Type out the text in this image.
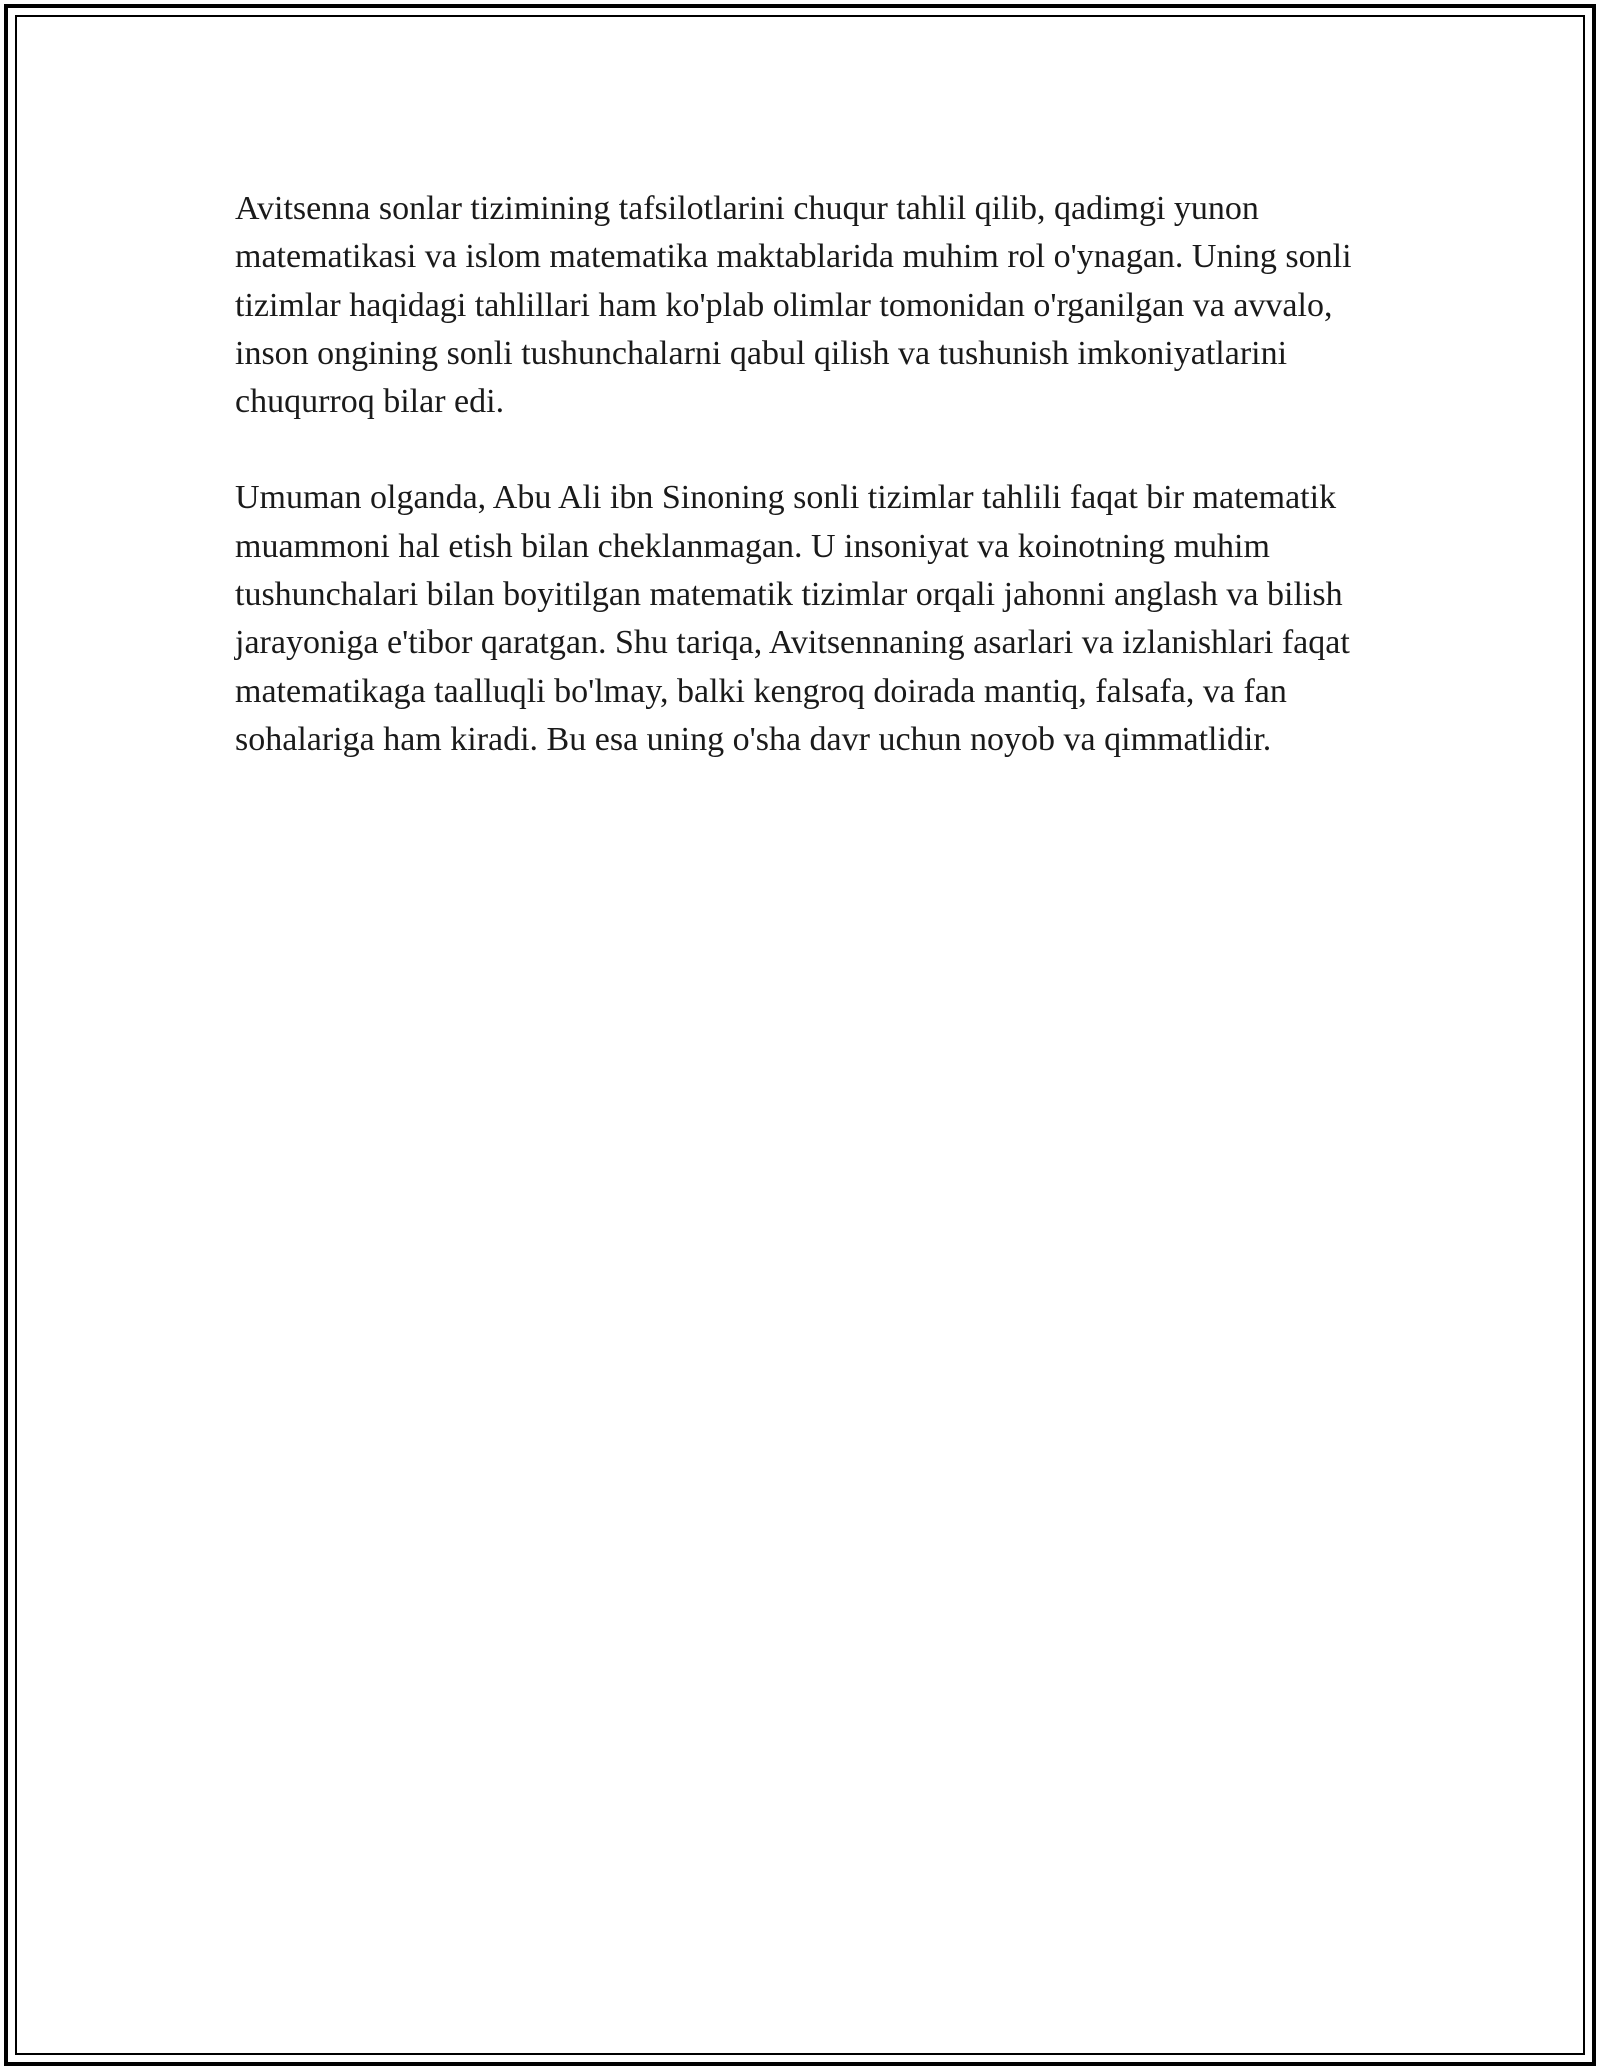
Avitsenna sonlar tizimining tafsilotlarini chuqur tahlil qilib, qadimgi yunon matematikasi va islom matematika maktablarida muhim rol o'ynagan. Uning sonli tizimlar haqidagi tahlillari ham ko'plab olimlar tomonidan o'rganilgan va avvalo, inson ongining sonli tushunchalarni qabul qilish va tushunish imkoniyatlarini chuqurroq bilar edi.

Umuman olganda, Abu Ali ibn Sinoning sonli tizimlar tahlili faqat bir matematik muammoni hal etish bilan cheklanmagan. U insoniyat va koinotning muhim tushunchalari bilan boyitilgan matematik tizimlar orqali jahonni anglash va bilish jarayoniga e'tibor qaratgan. Shu tariqa, Avitsennaning asarlari va izlanishlari faqat matematikaga taalluqli bo'lmay, balki kengroq doirada mantiq, falsafa, va fan sohalariga ham kiradi. Bu esa uning o'sha davr uchun noyob va qimmatlidir.
